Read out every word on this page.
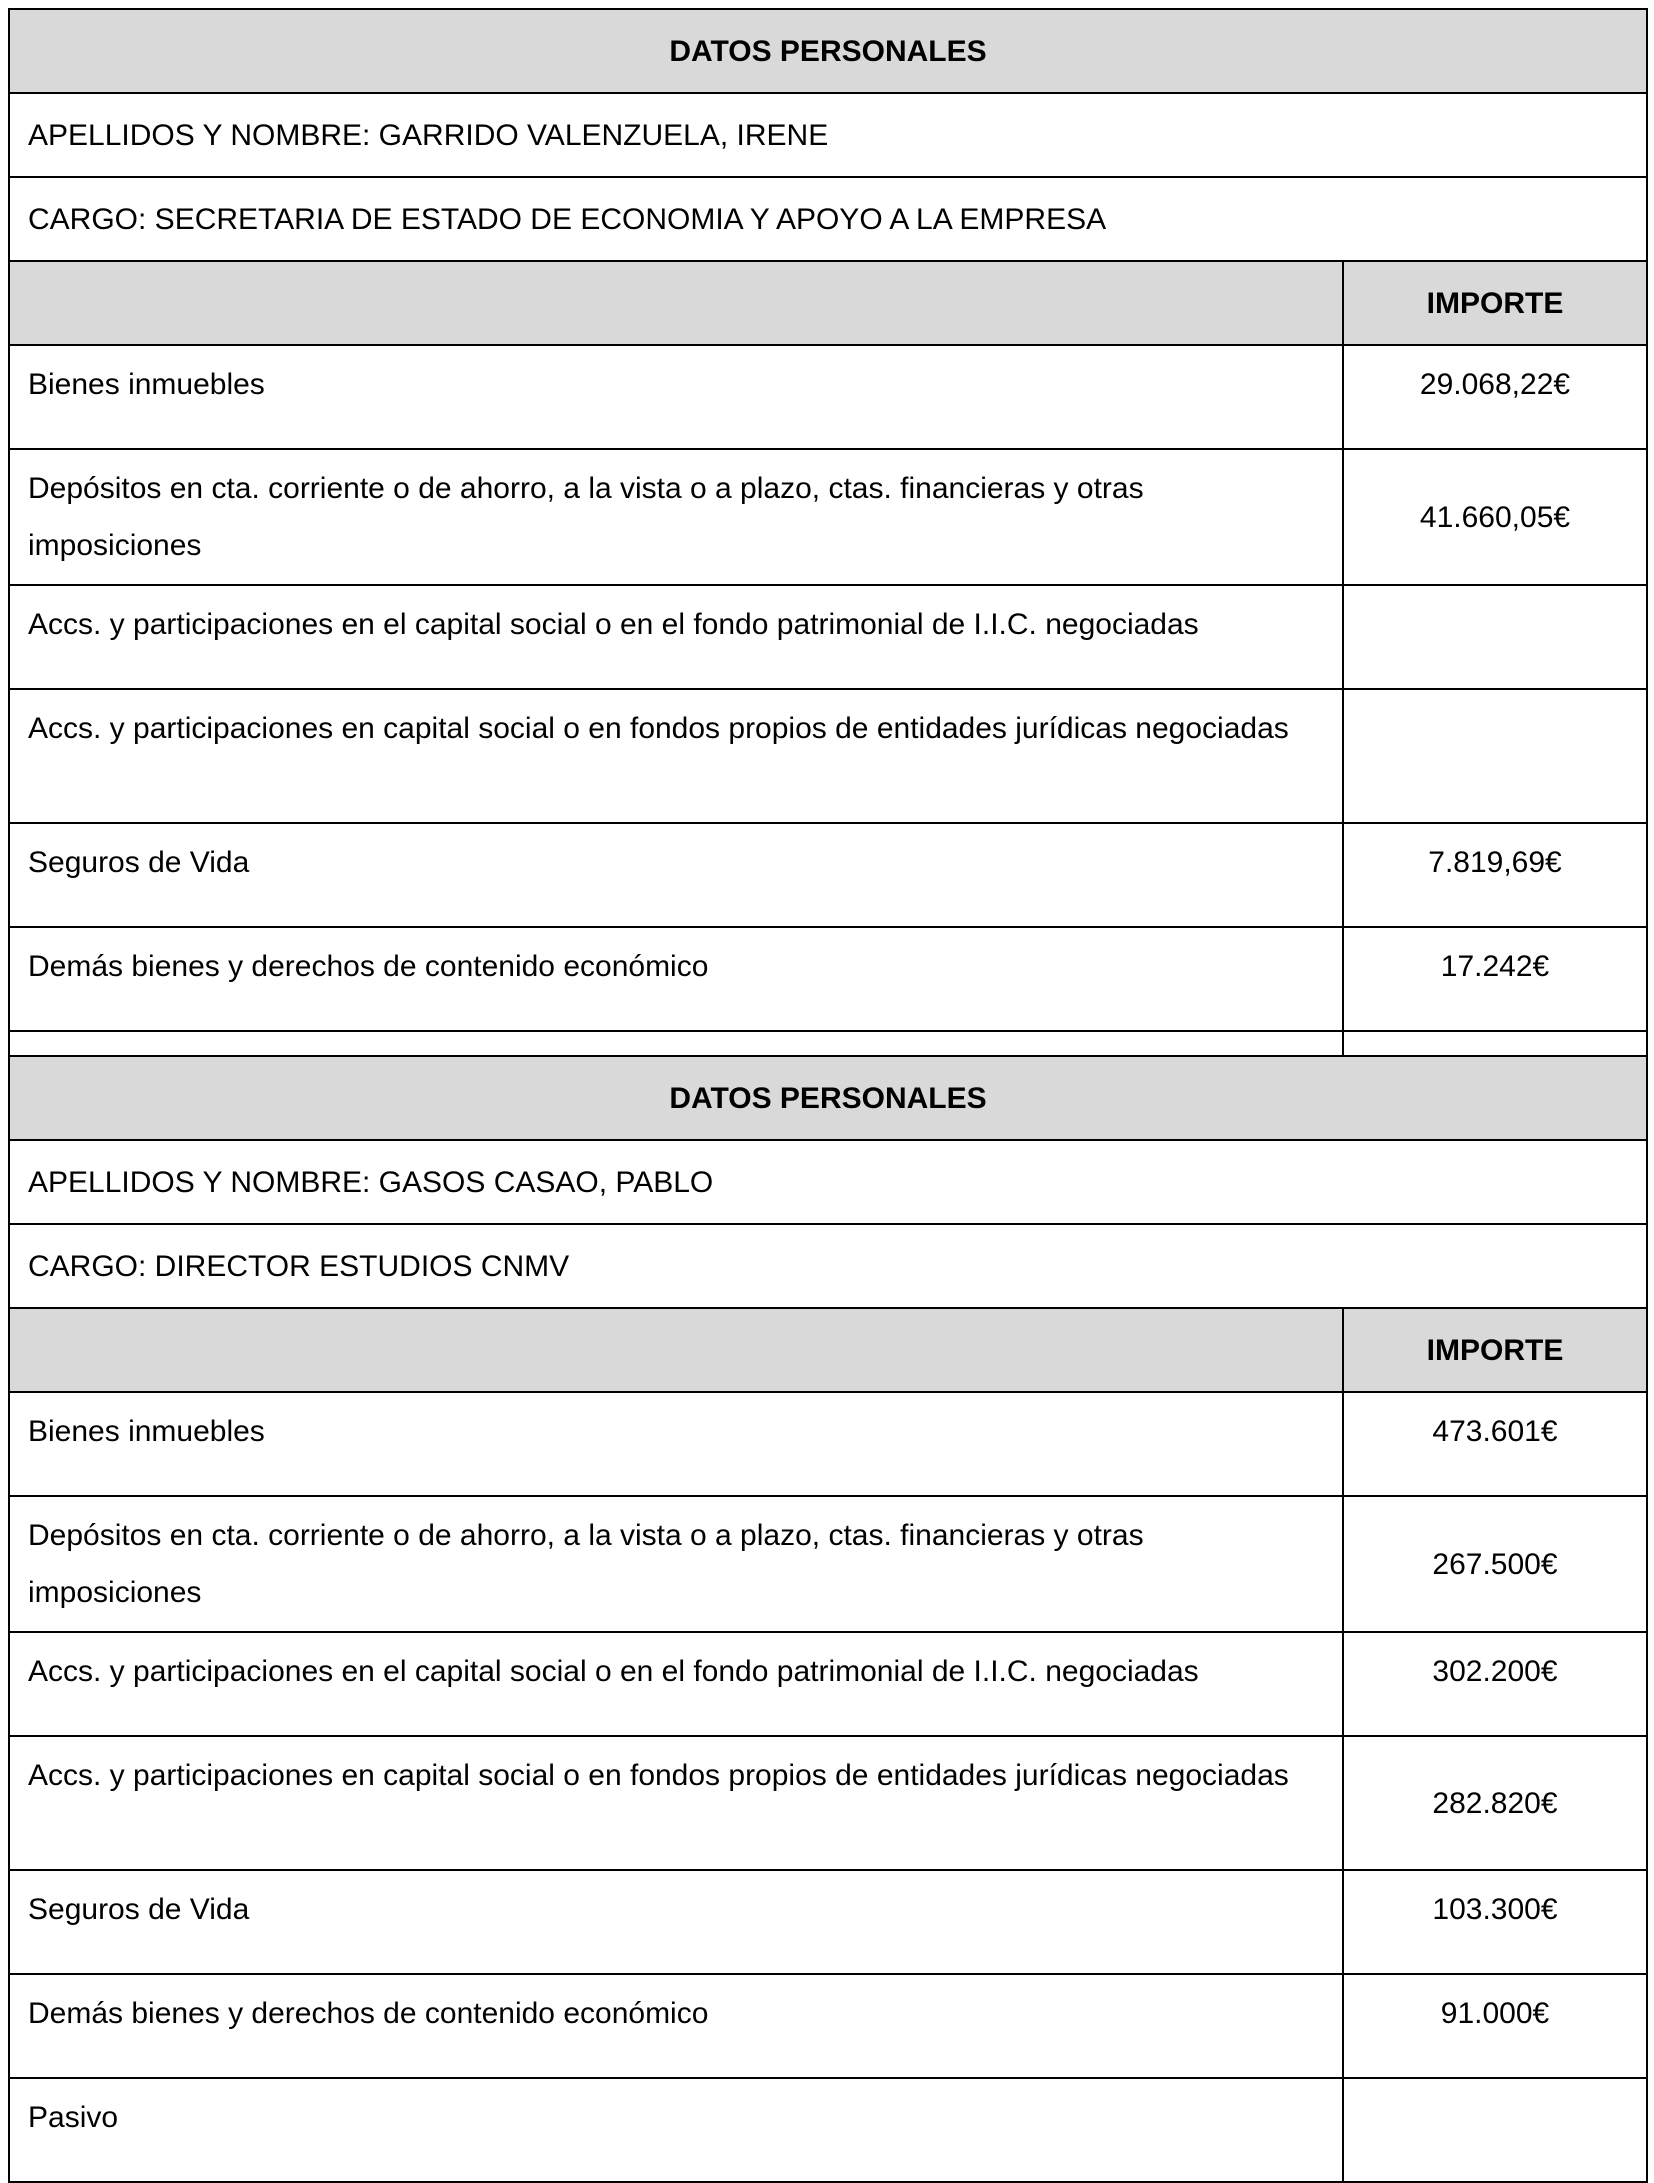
DATOS PERSONALES	
APELLIDOS Y NOMBRE: GARRIDO VALENZUELA, IRENE	
CARGO: SECRETARIA DE ESTADO DE ECONOMIA Y APOYO A LA EMPRESA	
	IMPORTE
Bienes inmuebles	29.068,22€
Depósitos en cta. corriente o de ahorro, a la vista o a plazo, ctas. financieras y otras imposiciones	41.660,05€
Accs. y participaciones en el capital social o en el fondo patrimonial de I.I.C. negociadas	
Accs. y participaciones en capital social o en fondos propios de entidades jurídicas negociadas	
Seguros de Vida	7.819,69€
Demás bienes y derechos de contenido económico	17.242€

DATOS PERSONALES	
APELLIDOS Y NOMBRE: GASOS CASAO, PABLO	
CARGO: DIRECTOR ESTUDIOS CNMV	
	IMPORTE
Bienes inmuebles	473.601€
Depósitos en cta. corriente o de ahorro, a la vista o a plazo, ctas. financieras y otras imposiciones	267.500€
Accs. y participaciones en el capital social o en el fondo patrimonial de I.I.C. negociadas	302.200€
Accs. y participaciones en capital social o en fondos propios de entidades jurídicas negociadas	282.820€
Seguros de Vida	103.300€
Demás bienes y derechos de contenido económico	91.000€
Pasivo	
